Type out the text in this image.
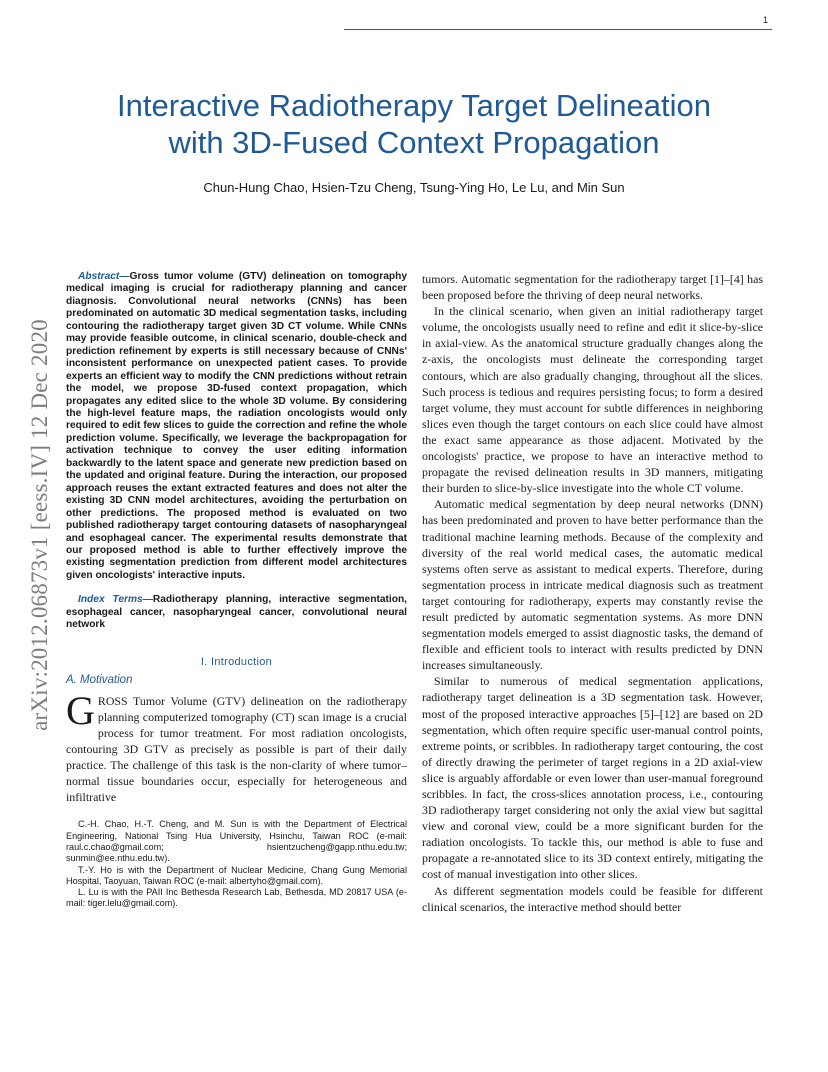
1
Interactive Radiotherapy Target Delineation
with 3D-Fused Context Propagation
Chun-Hung Chao, Hsien-Tzu Cheng, Tsung-Ying Ho, Le Lu, and Min Sun
arXiv:2012.06873v1 [eess.IV] 12 Dec 2020

Abstract—Gross tumor volume (GTV) delineation on tomography medical imaging is crucial for radiotherapy planning and cancer diagnosis. Convolutional neural networks (CNNs) has been predominated on automatic 3D medical segmentation tasks, including contouring the radiotherapy target given 3D CT volume. While CNNs may provide feasible outcome, in clinical scenario, double-check and prediction refinement by experts is still necessary because of CNNs' inconsistent performance on unexpected patient cases. To provide experts an efficient way to modify the CNN predictions without retrain the model, we propose 3D-fused context propagation, which propagates any edited slice to the whole 3D volume. By considering the high-level feature maps, the radiation oncologists would only required to edit few slices to guide the correction and refine the whole prediction volume. Specifically, we leverage the backpropagation for activation technique to convey the user editing information backwardly to the latent space and generate new prediction based on the updated and original feature. During the interaction, our proposed approach reuses the extant extracted features and does not alter the existing 3D CNN model architectures, avoiding the perturbation on other predictions. The proposed method is evaluated on two published radiotherapy target contouring datasets of nasopharyngeal and esophageal cancer. The experimental results demonstrate that our proposed method is able to further effectively improve the existing segmentation prediction from different model architectures given oncologists' interactive inputs.

Index Terms—Radiotherapy planning, interactive segmentation, esophageal cancer, nasopharyngeal cancer, convolutional neural network

I. Introduction
A. Motivation

GROSS Tumor Volume (GTV) delineation on the radiotherapy planning computerized tomography (CT) scan image is a crucial process for tumor treatment. For most radiation oncologists, contouring 3D GTV as precisely as possible is part of their daily practice. The challenge of this task is the non-clarity of where tumor–normal tissue boundaries occur, especially for heterogeneous and infiltrative

C.-H. Chao, H.-T. Cheng, and M. Sun is with the Department of Electrical Engineering, National Tsing Hua University, Hsinchu, Taiwan ROC (e-mail: raul.c.chao@gmail.com; hsientzucheng@gapp.nthu.edu.tw; sunmin@ee.nthu.edu.tw).

T.-Y. Ho is with the Department of Nuclear Medicine, Chang Gung Memorial Hospital, Taoyuan, Taiwan ROC (e-mail: albertyho@gmail.com).

L. Lu is with the PAII Inc Bethesda Research Lab, Bethesda, MD 20817 USA (e-mail: tiger.lelu@gmail.com).

tumors. Automatic segmentation for the radiotherapy target [1]–[4] has been proposed before the thriving of deep neural networks.

In the clinical scenario, when given an initial radiotherapy target volume, the oncologists usually need to refine and edit it slice-by-slice in axial-view. As the anatomical structure gradually changes along the z-axis, the oncologists must delineate the corresponding target contours, which are also gradually changing, throughout all the slices. Such process is tedious and requires persisting focus; to form a desired target volume, they must account for subtle differences in neighboring slices even though the target contours on each slice could have almost the exact same appearance as those adjacent. Motivated by the oncologists' practice, we propose to have an interactive method to propagate the revised delineation results in 3D manners, mitigating their burden to slice-by-slice investigate into the whole CT volume.

Automatic medical segmentation by deep neural networks (DNN) has been predominated and proven to have better performance than the traditional machine learning methods. Because of the complexity and diversity of the real world medical cases, the automatic medical systems often serve as assistant to medical experts. Therefore, during segmentation process in intricate medical diagnosis such as treatment target contouring for radiotherapy, experts may constantly revise the result predicted by automatic segmentation systems. As more DNN segmentation models emerged to assist diagnostic tasks, the demand of flexible and efficient tools to interact with results predicted by DNN increases simultaneously.

Similar to numerous of medical segmentation applications, radiotherapy target delineation is a 3D segmentation task. However, most of the proposed interactive approaches [5]–[12] are based on 2D segmentation, which often require specific user-manual control points, extreme points, or scribbles. In radiotherapy target contouring, the cost of directly drawing the perimeter of target regions in a 2D axial-view slice is arguably affordable or even lower than user-manual foreground scribbles. In fact, the cross-slices annotation process, i.e., contouring 3D radiotherapy target considering not only the axial view but sagittal view and coronal view, could be a more significant burden for the radiation oncologists. To tackle this, our method is able to fuse and propagate a re-annotated slice to its 3D context entirely, mitigating the cost of manual investigation into other slices.

As different segmentation models could be feasible for different clinical scenarios, the interactive method should better
